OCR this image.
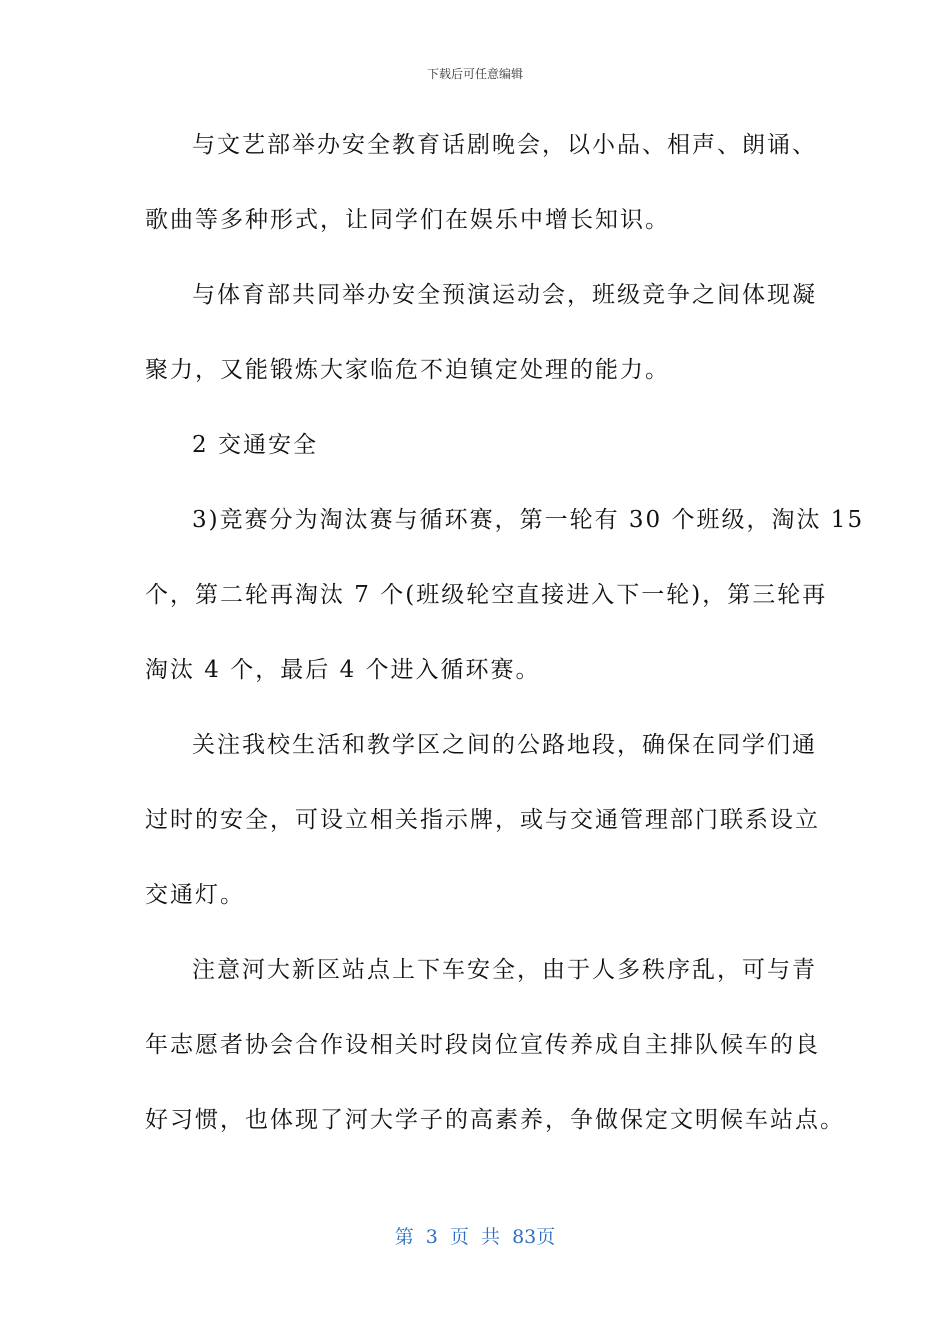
下载后可任意编辑
与文艺部举办安全教育话剧晚会，以小品、相声、朗诵、
歌曲等多种形式，让同学们在娱乐中增长知识。
与体育部共同举办安全预演运动会，班级竞争之间体现凝
聚力，又能锻炼大家临危不迫镇定处理的能力。
2 交通安全
3)竞赛分为淘汰赛与循环赛，第一轮有 30 个班级，淘汰 15
个，第二轮再淘汰 7 个(班级轮空直接进入下一轮)，第三轮再
淘汰 4 个，最后 4 个进入循环赛。
关注我校生活和教学区之间的公路地段，确保在同学们通
过时的安全，可设立相关指示牌，或与交通管理部门联系设立
交通灯。
注意河大新区站点上下车安全，由于人多秩序乱，可与青
年志愿者协会合作设相关时段岗位宣传养成自主排队候车的良
好习惯，也体现了河大学子的高素养，争做保定文明候车站点。
第 3 页 共 83页
